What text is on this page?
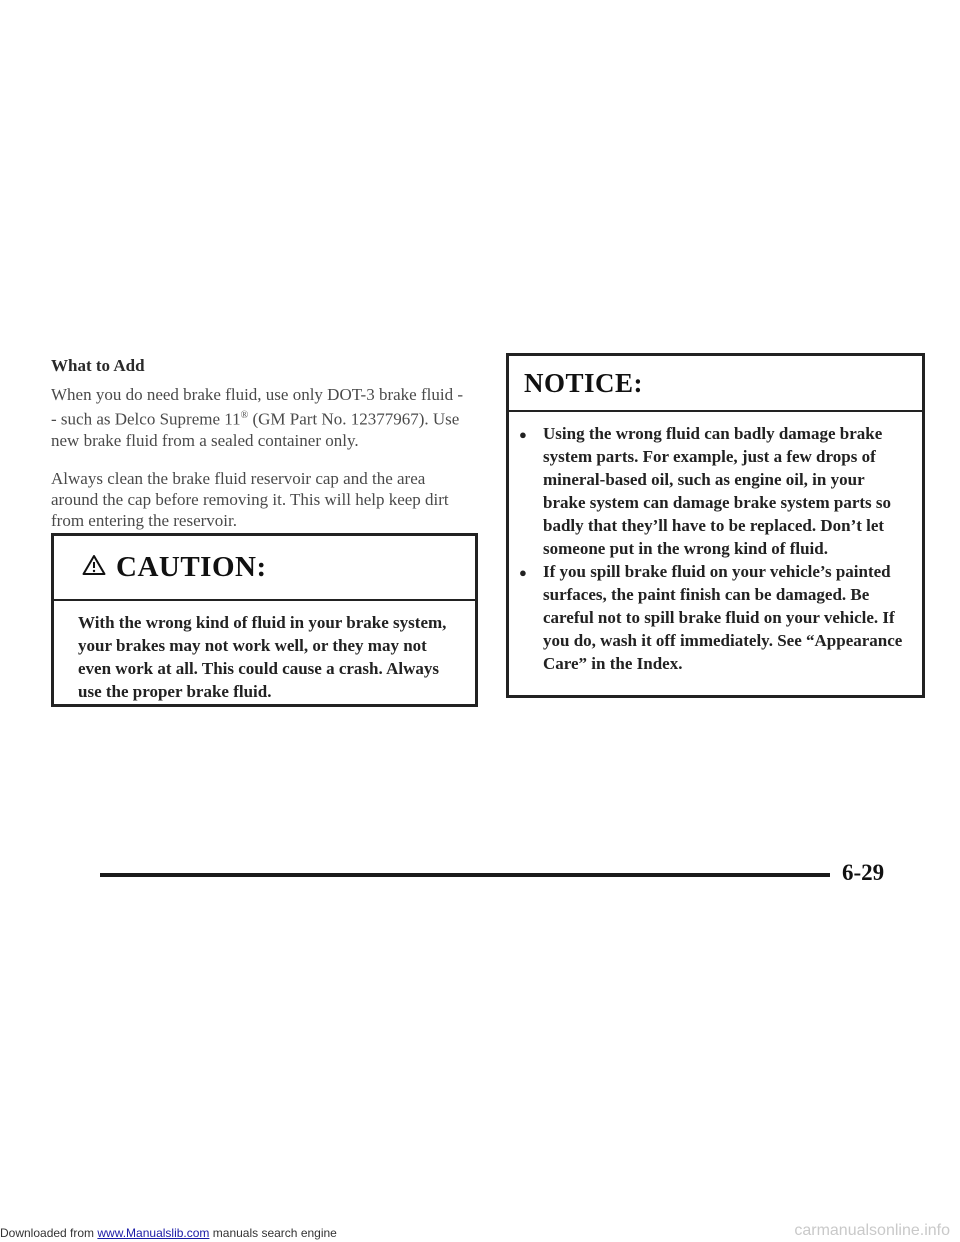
What to Add

When you do need brake fluid, use only DOT-3 brake fluid -- such as Delco Supreme 11® (GM Part No. 12377967). Use new brake fluid from a sealed container only.

Always clean the brake fluid reservoir cap and the area around the cap before removing it. This will help keep dirt from entering the reservoir.

CAUTION:
With the wrong kind of fluid in your brake system, your brakes may not work well, or they may not even work at all. This could cause a crash. Always use the proper brake fluid.
NOTICE:
● Using the wrong fluid can badly damage brake system parts. For example, just a few drops of mineral-based oil, such as engine oil, in your brake system can damage brake system parts so badly that they’ll have to be replaced. Don’t let someone put in the wrong kind of fluid.
● If you spill brake fluid on your vehicle’s painted surfaces, the paint finish can be damaged. Be careful not to spill brake fluid on your vehicle. If you do, wash it off immediately. See “Appearance Care” in the Index.
6-29
Downloaded from www.Manualslib.com manuals search engine	carmanualsonline.info
